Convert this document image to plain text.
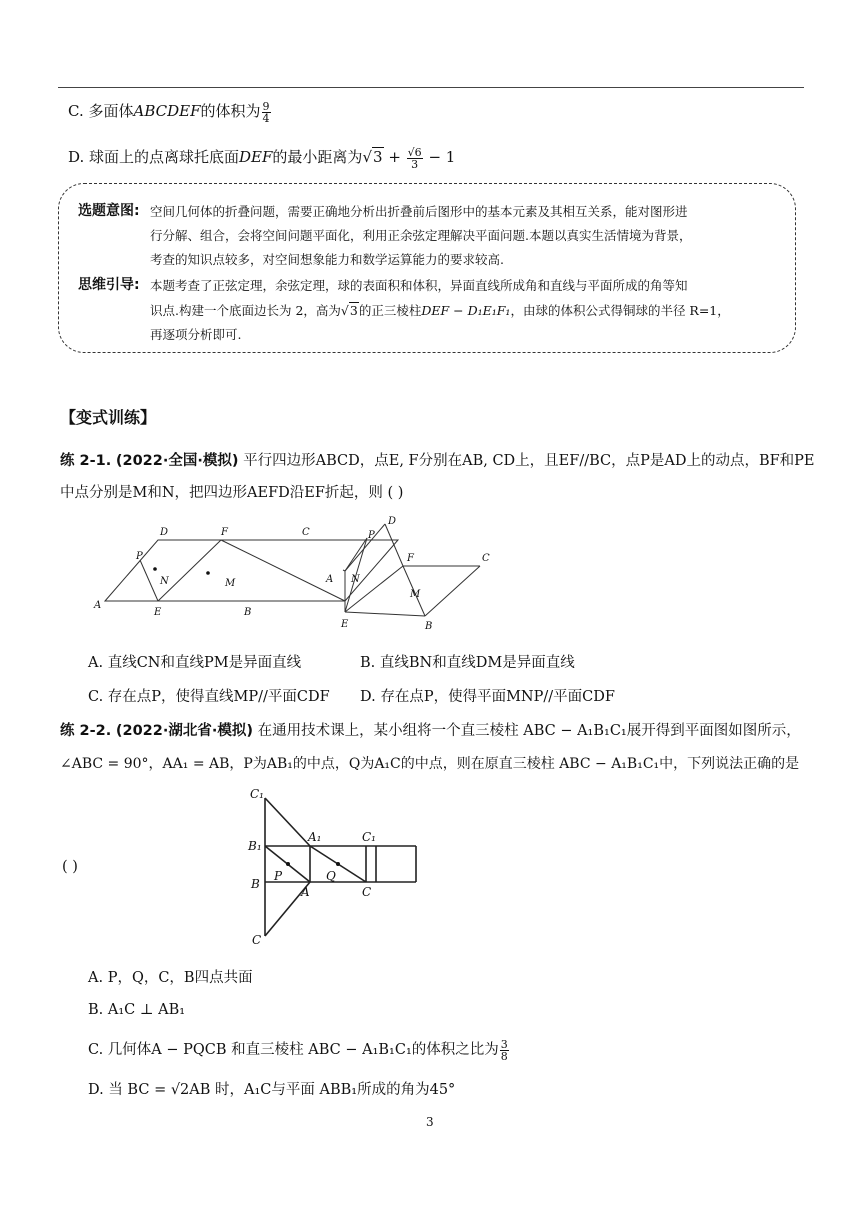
C. 多面体ABCDEF的体积为 $\frac{9}{4}$
D. 球面上的点离球托底面DEF的最小距离为$√3 + \frac{√6}{3} - 1$
选题意图: 空间几何体的折叠问题，需要正确地分析出折叠前后图形中的基本元素及其相互关系，能对图形进
行分解、组合，会将空间问题平面化，利用正余弦定理解决平面问题.本题以真实生活情境为背景，
考查的知识点较多，对空间想象能力和数学运算能力的要求较高.
思维引导: 本题考查了正弦定理，余弦定理，球的表面积和体积，异面直线所成角和直线与平面所成的角等知
识点.构建一个底面边长为 2，高为√3的正三棱柱DEF − D₁E₁F₁，由球的体积公式得铜球的半径 R=1，
再逐项分析即可.
【变式训练】
练 2-1. (2022·全国·模拟) 平行四边形ABCD，点E, F分别在AB, CD上，且EF//BC，点P是AD上的动点，BF和PE
中点分别是M和N，把四边形AEFD沿EF折起，则 ( )
D	F	C
P
N	M
A
E	B
D
P
F	C
A N
M
E	B
A. 直线CN和直线PM是异面直线	B. 直线BN和直线DM是异面直线
C. 存在点P，使得直线MP//平面CDF D. 存在点P，使得平面MNP//平面CDF
练 2-2. (2022·湖北省·模拟) 在通用技术课上，某小组将一个直三棱柱 ABC − A₁B₁C₁展开得到平面图如图所示，
∠ABC = 90°，AA₁ = AB，P为AB₁的中点，Q为A₁C的中点，则在原直三棱柱 ABC − A₁B₁C₁中，下列说法正确的是
( )
C₁
B₁
A₁	C₁
B
P	Q
A	C
C
A. P，Q，C，B四点共面
B. A₁C ⊥ AB₁
C. 几何体A − PQCB 和直三棱柱 ABC − A₁B₁C₁的体积之比为 $\frac{3}{8}$
D. 当 BC = √2AB 时，A₁C与平面 ABB₁所成的角为45°
3
